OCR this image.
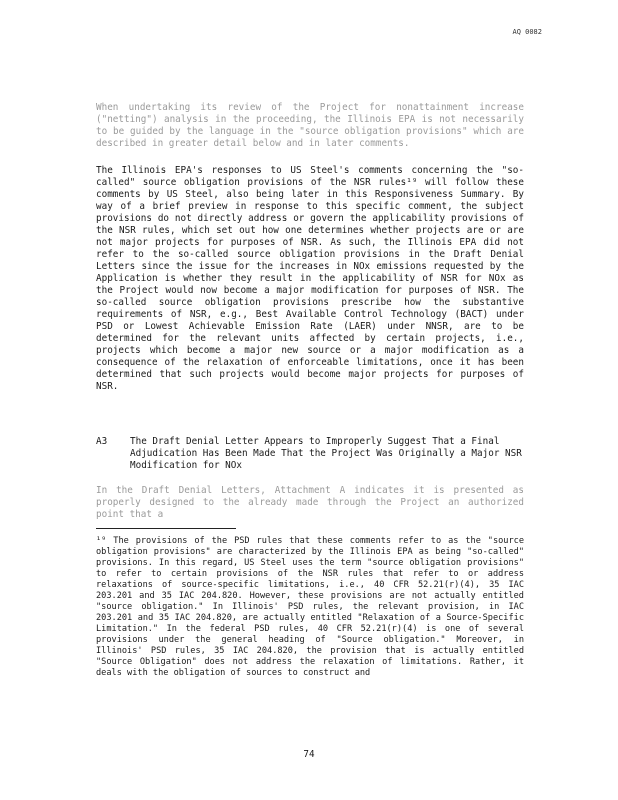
AQ 0082
When undertaking its review of the Project for nonattainment increase ("netting") analysis in the proceeding, the Illinois EPA is not necessarily to be guided by the language in the "source obligation provisions" which are described in greater detail below and in later comments.
The Illinois EPA's responses to US Steel's comments concerning the "so-called" source obligation provisions of the NSR rules¹⁹ will follow these comments by US Steel, also being later in this Responsiveness Summary. By way of a brief preview in response to this specific comment, the subject provisions do not directly address or govern the applicability provisions of the NSR rules, which set out how one determines whether projects are or are not major projects for purposes of NSR. As such, the Illinois EPA did not refer to the so-called source obligation provisions in the Draft Denial Letters since the issue for the increases in NOx emissions requested by the Application is whether they result in the applicability of NSR for NOx as the Project would now become a major modification for purposes of NSR. The so-called source obligation provisions prescribe how the substantive requirements of NSR, e.g., Best Available Control Technology (BACT) under PSD or Lowest Achievable Emission Rate (LAER) under NNSR, are to be determined for the relevant units affected by certain projects, i.e., projects which become a major new source or a major modification as a consequence of the relaxation of enforceable limitations, once it has been determined that such projects would become major projects for purposes of NSR.
A3 The Draft Denial Letter Appears to Improperly Suggest That a Final Adjudication Has Been Made That the Project Was Originally a Major NSR Modification for NOx
In the Draft Denial Letters, Attachment A indicates it is presented as properly designed to the already made through the Project an authorized point that a
¹⁹ The provisions of the PSD rules that these comments refer to as the "source obligation provisions" are characterized by the Illinois EPA as being "so-called" provisions. In this regard, US Steel uses the term "source obligation provisions" to refer to certain provisions of the NSR rules that refer to or address relaxations of source-specific limitations, i.e., 40 CFR 52.21(r)(4), 35 IAC 203.201 and 35 IAC 204.820. However, these provisions are not actually entitled "source obligation." In Illinois' PSD rules, the relevant provision, in IAC 203.201 and 35 IAC 204.820, are actually entitled "Relaxation of a Source-Specific Limitation." In the federal PSD rules, 40 CFR 52.21(r)(4) is one of several provisions under the general heading of "Source obligation." Moreover, in Illinois' PSD rules, 35 IAC 204.820, the provision that is actually entitled "Source Obligation" does not address the relaxation of limitations. Rather, it deals with the obligation of sources to construct and
74
